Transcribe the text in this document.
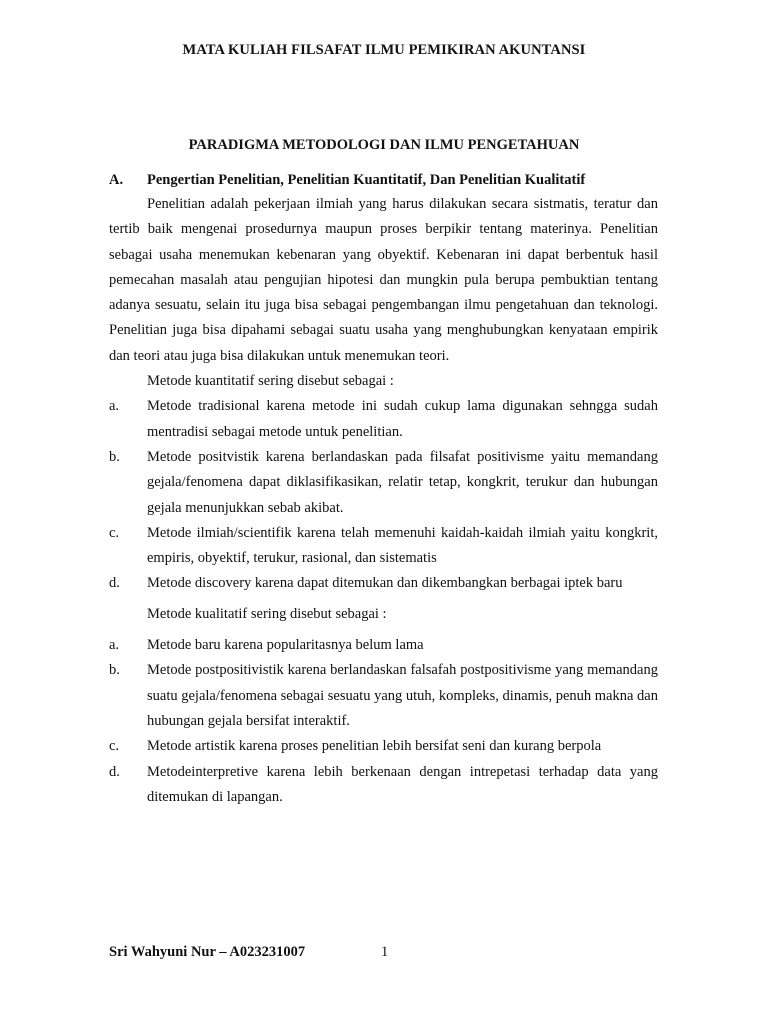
MATA KULIAH FILSAFAT ILMU PEMIKIRAN AKUNTANSI
PARADIGMA METODOLOGI DAN ILMU PENGETAHUAN
A.	Pengertian Penelitian, Penelitian Kuantitatif, Dan Penelitian Kualitatif

Penelitian adalah pekerjaan ilmiah yang harus dilakukan secara sistmatis, teratur dan tertib baik mengenai prosedurnya maupun proses berpikir tentang materinya. Penelitian sebagai usaha menemukan kebenaran yang obyektif. Kebenaran ini dapat berbentuk hasil pemecahan masalah atau pengujian hipotesi dan mungkin pula berupa pembuktian tentang adanya sesuatu, selain itu juga bisa sebagai pengembangan ilmu pengetahuan dan teknologi. Penelitian juga bisa dipahami sebagai suatu usaha yang menghubungkan kenyataan empirik dan teori atau juga bisa dilakukan untuk menemukan teori.

Metode kuantitatif sering disebut sebagai :

a.	Metode tradisional karena metode ini sudah cukup lama digunakan sehngga sudah mentradisi sebagai metode untuk penelitian.
b.	Metode positvistik karena berlandaskan pada filsafat positivisme yaitu memandang gejala/fenomena dapat diklasifikasikan, relatir tetap, kongkrit, terukur dan hubungan gejala menunjukkan sebab akibat.
c.	Metode ilmiah/scientifik karena telah memenuhi kaidah-kaidah ilmiah yaitu kongkrit, empiris, obyektif, terukur, rasional, dan sistematis
d.	Metode discovery karena dapat ditemukan dan dikembangkan berbagai iptek baru

Metode kualitatif sering disebut sebagai :

a.	Metode baru karena popularitasnya belum lama
b.	Metode postpositivistik karena berlandaskan falsafah postpositivisme yang memandang suatu gejala/fenomena sebagai sesuatu yang utuh, kompleks, dinamis, penuh makna dan hubungan gejala bersifat interaktif.
c.	Metode artistik karena proses penelitian lebih bersifat seni dan kurang berpola
d.	Metodeinterpretive karena lebih berkenaan dengan intrepetasi terhadap data yang ditemukan di lapangan.
Sri Wahyuni Nur – A023231007	1
